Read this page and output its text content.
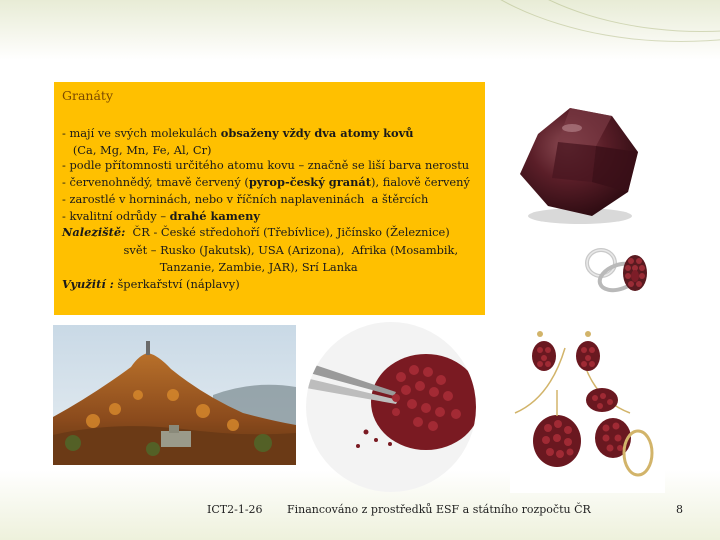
Granáty
- mají ve svých molekulách obsaženy vždy dva atomy kovů
(Ca, Mg, Mn, Fe, Al, Cr)
- podle přítomnosti určitého atomu kovu – značně se liší barva nerostu
- červenohnědý, tmavě červený (pyrop-český granát), fialově červený
- zarostlé v horninách, nebo v říčních naplaveninách  a štěrcích
- kvalitní odrůdy – drahé kameny
Naleziště:  ČR - České středohoří (Třebívlice), Jičínsko (Železnice)
svět – Rusko (Jakutsk), USA (Arizona),  Afrika (Mosambik,
Tanzanie, Zambie, JAR), Srí Lanka
Využití : šperkařství (náplavy)
ICT2-1-26 Financováno z prostředků ESF a státního rozpočtu ČR	8
